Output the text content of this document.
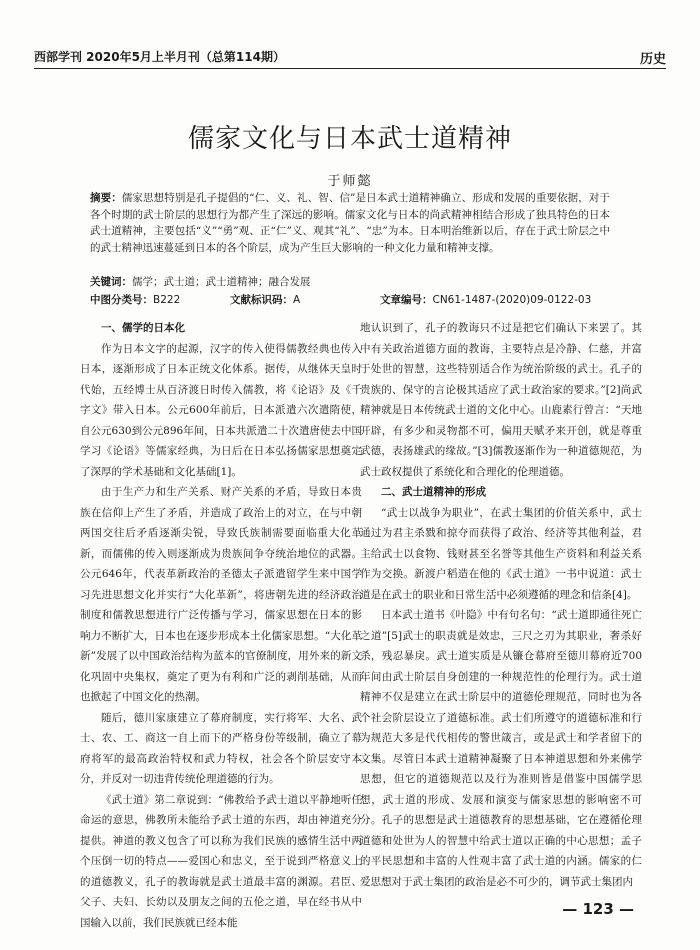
西部学刊 2020年5月上半月刊（总第114期）	历史
儒家文化与日本武士道精神
于师懿
摘要：儒家思想特别是孔子提倡的“仁、义、礼、智、信”是日本武士道精神确立、形成和发展的重要依据，对于各个时期的武士阶层的思想行为都产生了深远的影响。儒家文化与日本的尚武精神相结合形成了独具特色的日本武士道精神，主要包括“义”“勇”观、正“仁”义、观其“礼”、“忠”为本。日本明治维新以后，存在于武士阶层之中的武士精神迅速蔓延到日本的各个阶层，成为产生巨大影响的一种文化力量和精神支撑。
关键词：儒学；武士道；武士道精神；融合发展
中图分类号：B222	文献标识码：A	文章编号：CN61-1487-(2020)09-0122-03
一、儒学的日本化

作为日本文字的起源，汉字的传入使得儒教经典也传入日本，逐渐形成了日本正统文化体系。据传，从继体天皇时代始，五经博士从百济渡日时传入儒教，将《论语》及《千字文》带入日本。公元600年前后，日本派遣六次遣隋使，自公元630到公元896年间，日本共派遣二十次遣唐使去中国学习《论语》等儒家经典，为日后在日本弘扬儒家思想奠定了深厚的学术基础和文化基础[1]。

由于生产力和生产关系、财产关系的矛盾，导致日本贵族在信仰上产生了矛盾，并造成了政治上的对立，在与中朝两国交往后矛盾逐渐尖锐，导致氏族制需要面临重大化革新，而儒佛的传入则逐渐成为贵族间争夺统治地位的武器。公元646年，代表革新政治的圣德太子派遣留学生来中国学习先进思想文化并实行“大化革新”，将唐朝先进的经济政治制度和儒教思想进行广泛传播与学习，儒家思想在日本的影响力不断扩大，日本也在逐步形成本土化儒家思想。“大化革新”发展了以中国政治结构为蓝本的官僚制度，用外来的新文化巩固中央集权，奠定了更为有利和广泛的剥削基础，从而也掀起了中国文化的热潮。

随后，德川家康建立了幕府制度，实行将军、大名、武士、农、工、商这一自上而下的严格身份等级制，确立了幕府将军的最高政治特权和武力特权，社会各个阶层安守本分，并反对一切违背传统伦理道德的行为。

《武士道》第二章说到：“佛教给予武士道以平静地听任命运的意思，佛教所未能给予武士道的东西，却由神道充分提供。神道的教义包含了可以称为我们民族的感情生活中两个压倒一切的特点——爱国心和忠义，至于说到严格意义上的道德教义，孔子的教诲就是武士道最丰富的渊源。君臣、父子、夫妇、长幼以及朋友之间的五伦之道，早在经书从中国输入以前，我们民族就已经本能

地认识到了，孔子的教诲只不过是把它们确认下来罢了。其中有关政治道德方面的教诲，主要特点是冷静、仁慈，并富于处世的智慧，这些特别适合作为统治阶级的武士。孔子的贵族的、保守的言论极其适应了武士政治家的要求。”[2]尚武精神就是日本传统武士道的文化中心。山鹿素行曾言：“天地开辟，有多少和灵物都不可，偏用天赋矛来开创，就是尊重武德，表扬雄武的缘故。”[3]儒教逐渐作为一种道德规范，为武士政权提供了系统化和合理化的伦理道德。

二、武士道精神的形成

“武士以战争为职业”，在武士集团的价值关系中，武士通过为君主杀戮和掠夺而获得了政治、经济等其他利益，君主给武士以食物、钱财甚至名誉等其他生产资料和利益关系作为交换。新渡户稻造在他的《武士道》一书中说道：武士道是在武士的职业和日常生活中必须遵循的理念和信条[4]。

日本武士道书《叶隐》中有句名句：“武士道即通往死亡之道”[5]武士的职责就是效忠，三尺之刃为其职业，奢杀好杀，残忍暴戾。武士道实质是从镰仓幕府至德川幕府近700年间由武士阶层自身创建的一种规范性的伦理行为。武士道精神不仅是建立在武士阶层中的道德伦理规范，同时也为各个社会阶层设立了道德标准。武士们所遵守的道德标准和行为规范大多是代代相传的警世箴言，或是武士和学者留下的文集。尽管日本武士道精神凝聚了日本神道思想和外来佛学思想，但它的道德规范以及行为准则皆是借鉴中国儒学思想，武士道的形成、发展和演变与儒家思想的影响密不可分。孔子的思想是武士道德教育的思想基础，它在遵循伦理道德和处世为人的智慧中给武士道以正确的中心思想；孟子的平民思想和丰富的人性观丰富了武士道的内涵。儒家的仁爱思想对于武士集团的政治是必不可少的，调节武士集团内

— 123 —
